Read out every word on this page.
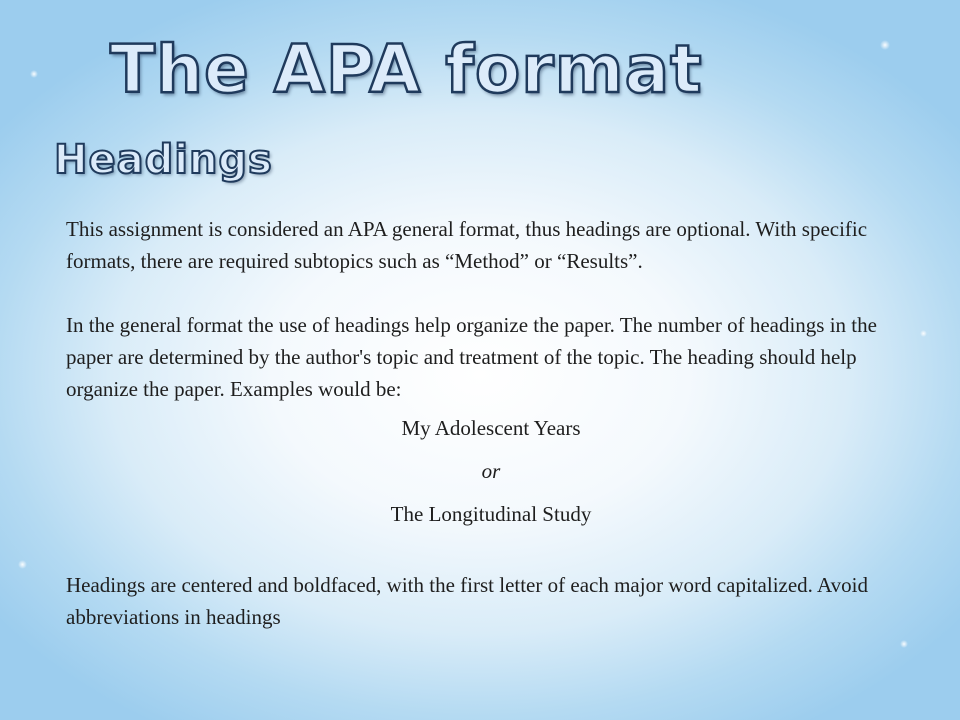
The APA format
Headings

This assignment is considered an APA general format, thus headings are optional. With specific formats, there are required subtopics such as “Method” or “Results”.

In the general format the use of headings help organize the paper. The number of headings in the paper are determined by the author's topic and treatment of the topic. The heading should help organize the paper. Examples would be:

My Adolescent Years

or

The Longitudinal Study

Headings are centered and boldfaced, with the first letter of each major word capitalized. Avoid abbreviations in headings
